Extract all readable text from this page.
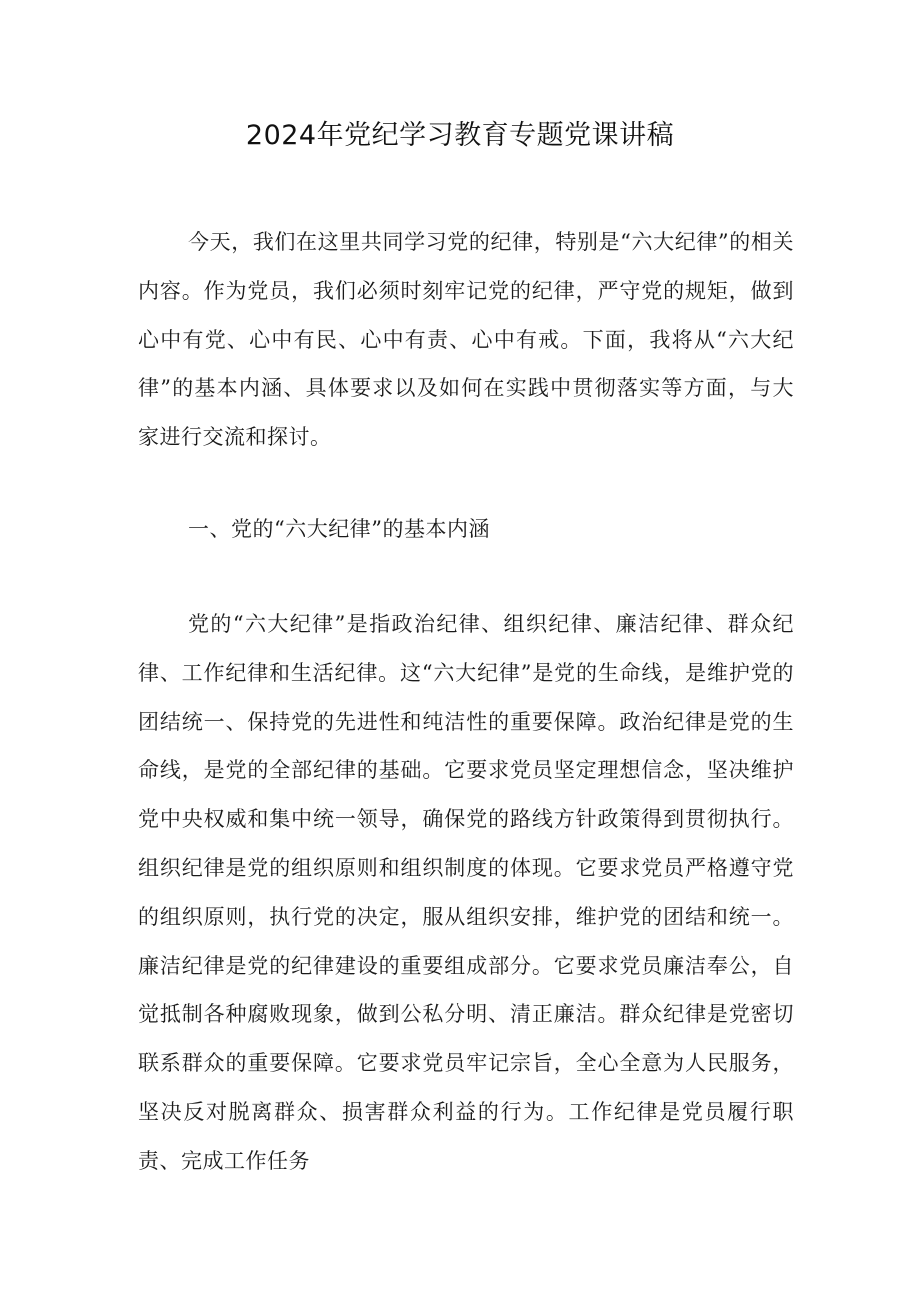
2024年党纪学习教育专题党课讲稿

今天，我们在这里共同学习党的纪律，特别是“六大纪律”的相关内容。作为党员，我们必须时刻牢记党的纪律，严守党的规矩，做到心中有党、心中有民、心中有责、心中有戒。下面，我将从“六大纪律”的基本内涵、具体要求以及如何在实践中贯彻落实等方面，与大家进行交流和探讨。

一、党的“六大纪律”的基本内涵

党的“六大纪律”是指政治纪律、组织纪律、廉洁纪律、群众纪律、工作纪律和生活纪律。这“六大纪律”是党的生命线，是维护党的团结统一、保持党的先进性和纯洁性的重要保障。政治纪律是党的生命线，是党的全部纪律的基础。它要求党员坚定理想信念，坚决维护党中央权威和集中统一领导，确保党的路线方针政策得到贯彻执行。组织纪律是党的组织原则和组织制度的体现。它要求党员严格遵守党的组织原则，执行党的决定，服从组织安排，维护党的团结和统一。廉洁纪律是党的纪律建设的重要组成部分。它要求党员廉洁奉公，自觉抵制各种腐败现象，做到公私分明、清正廉洁。群众纪律是党密切联系群众的重要保障。它要求党员牢记宗旨，全心全意为人民服务，坚决反对脱离群众、损害群众利益的行为。工作纪律是党员履行职责、完成工作任务
